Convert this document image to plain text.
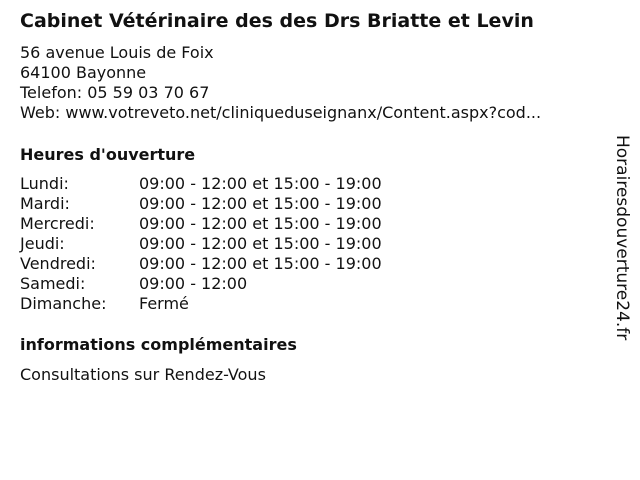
Cabinet Vétérinaire des des Drs Briatte et Levin
56 avenue Louis de Foix
64100 Bayonne
Telefon: 05 59 03 70 67
Web: www.votreveto.net/cliniqueduseignanx/Content.aspx?cod...
Heures d'ouverture
Lundi:	09:00 - 12:00 et 15:00 - 19:00
Mardi:	09:00 - 12:00 et 15:00 - 19:00
Mercredi:	09:00 - 12:00 et 15:00 - 19:00
Jeudi:	09:00 - 12:00 et 15:00 - 19:00
Vendredi:	09:00 - 12:00 et 15:00 - 19:00
Samedi:	09:00 - 12:00
Dimanche:	Fermé
informations complémentaires
Consultations sur Rendez-Vous
Horairesdouverture24.fr
